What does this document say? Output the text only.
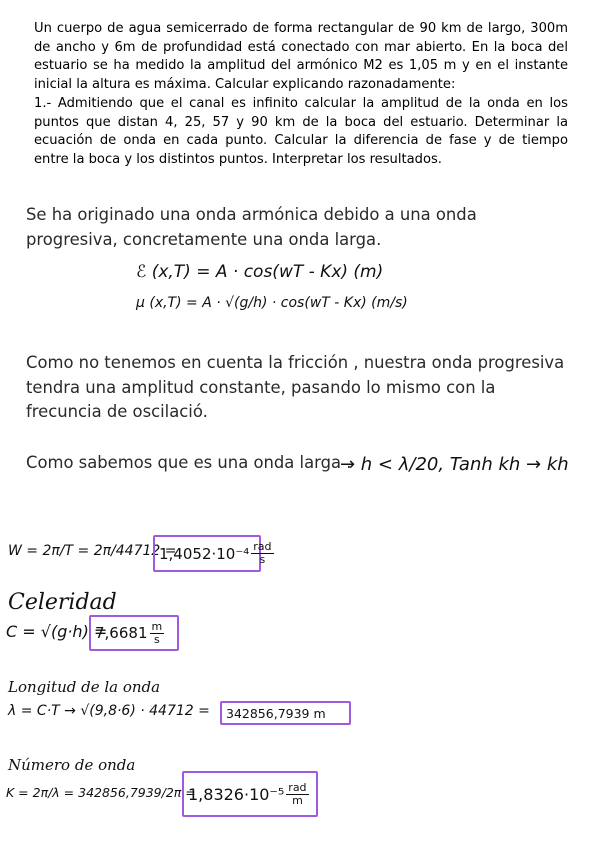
Un cuerpo de agua semicerrado de forma rectangular de 90 km de largo, 300m de ancho y 6m de profundidad está conectado con mar abierto. En la boca del estuario se ha medido la amplitud del armónico M2 es 1,05 m y en el instante inicial la altura es máxima. Calcular explicando razonadamente:

1.- Admitiendo que el canal es infinito calcular la amplitud de la onda en los puntos que distan 4, 25, 57 y 90 km de la boca del estuario. Determinar la ecuación de onda en cada punto. Calcular la diferencia de fase y de tiempo entre la boca y los distintos puntos. Interpretar los resultados.

Se ha originado una onda armónica debido a una onda progresiva, concretamente una onda larga.

ℰ (x,T) = A · cos(wT - Kx) (m)
μ (x,T) = A · √(g/h) · cos(wT - Kx) (m/s)

Como no tenemos en cuenta la fricción , nuestra onda progresiva tendra una amplitud constante, pasando lo mismo con la frecuncia de oscilació.

Como sabemos que es una onda larga .

→ h < λ/20, Tanh kh → kh
W = 2π/T = 2π/44712 =
$1,4052\cdot 10^{-4} \frac{\text{rad}}{s}$
Celeridad
C = √(g·h) =
$7,6681 \frac{m}{s}$
Longitud de la onda
λ = C·T → √(9,8·6) · 44712 = 342856,7939 m
Número de onda
K = 2π/λ = 342856,7939/2π =
$1,8326\cdot 10^{-5} \frac{\text{rad}}{m}$
